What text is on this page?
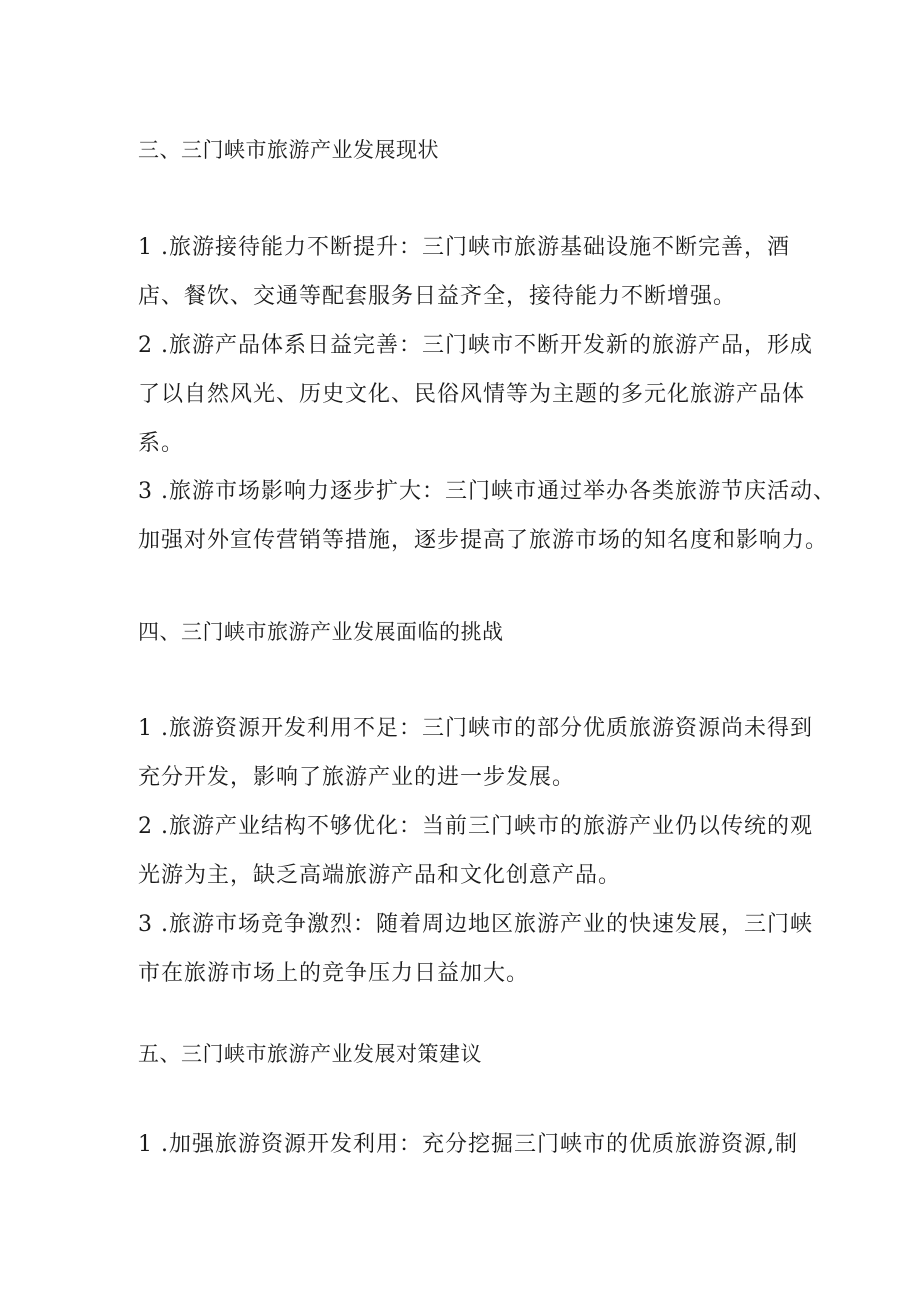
三、三门峡市旅游产业发展现状
1 .旅游接待能力不断提升：三门峡市旅游基础设施不断完善，酒
店、餐饮、交通等配套服务日益齐全，接待能力不断增强。
2 .旅游产品体系日益完善：三门峡市不断开发新的旅游产品，形成
了以自然风光、历史文化、民俗风情等为主题的多元化旅游产品体
系。
3 .旅游市场影响力逐步扩大：三门峡市通过举办各类旅游节庆活动、
加强对外宣传营销等措施，逐步提高了旅游市场的知名度和影响力。
四、三门峡市旅游产业发展面临的挑战
1 .旅游资源开发利用不足：三门峡市的部分优质旅游资源尚未得到
充分开发，影响了旅游产业的进一步发展。
2 .旅游产业结构不够优化：当前三门峡市的旅游产业仍以传统的观
光游为主，缺乏高端旅游产品和文化创意产品。
3 .旅游市场竞争激烈：随着周边地区旅游产业的快速发展，三门峡
市在旅游市场上的竞争压力日益加大。
五、三门峡市旅游产业发展对策建议
1 .加强旅游资源开发利用：充分挖掘三门峡市的优质旅游资源,制
